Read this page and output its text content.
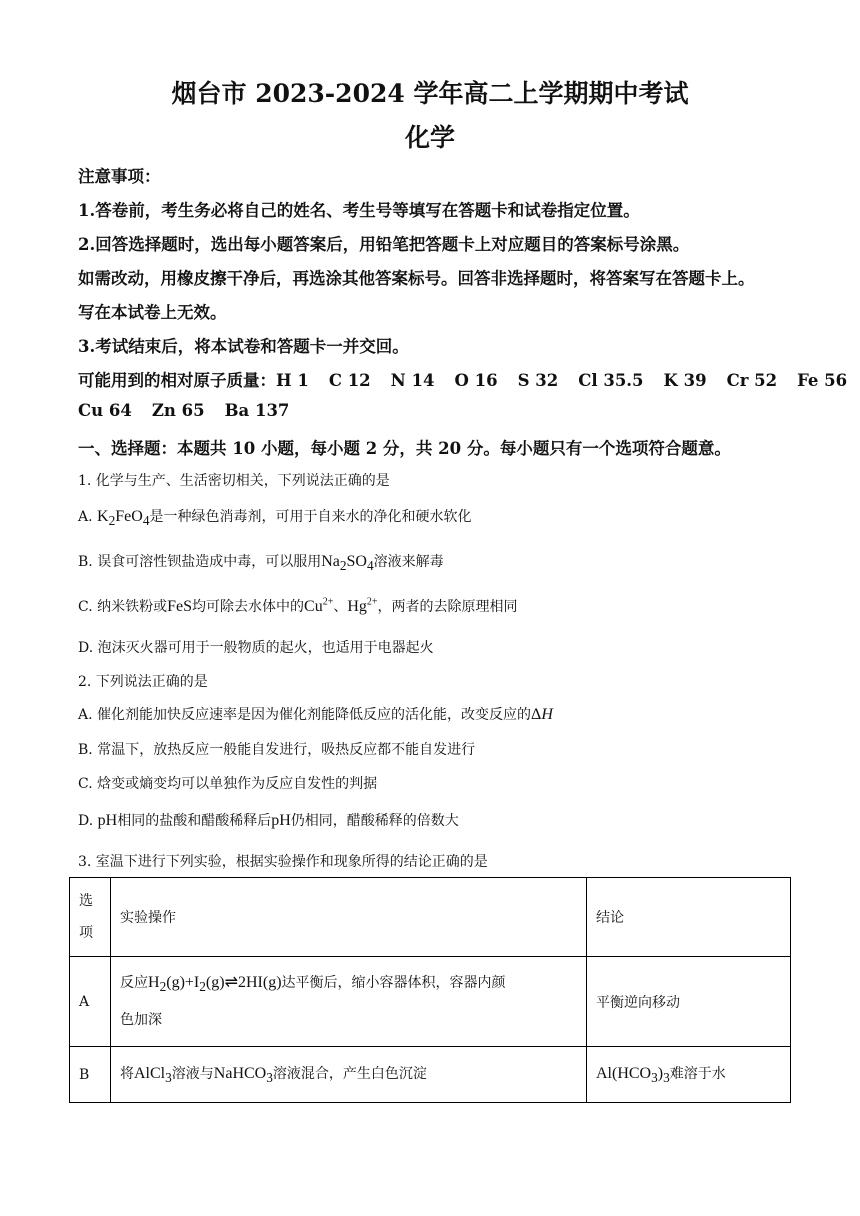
烟台市 2023-2024 学年高二上学期期中考试
化学
注意事项：
1.答卷前，考生务必将自己的姓名、考生号等填写在答题卡和试卷指定位置。
2.回答选择题时，选出每小题答案后，用铅笔把答题卡上对应题目的答案标号涂黑。
如需改动，用橡皮擦干净后，再选涂其他答案标号。回答非选择题时，将答案写在答题卡上。
写在本试卷上无效。
3.考试结束后，将本试卷和答题卡一并交回。
可能用到的相对原子质量：H 1 C 12 N 14 O 16 S 32 Cl 35.5 K 39 Cr 52 Fe 56
Cu 64 Zn 65 Ba 137
一、选择题：本题共 10 小题，每小题 2 分，共 20 分。每小题只有一个选项符合题意。
1. 化学与生产、生活密切相关，下列说法正确的是
A. $K_2FeO_4$是一种绿色消毒剂，可用于自来水的净化和硬水软化
B. 误食可溶性钡盐造成中毒，可以服用$Na_2SO_4$溶液来解毒
C. 纳米铁粉或FeS均可除去水体中的$Cu^{2+}$、$Hg^{2+}$，两者的去除原理相同
D. 泡沫灭火器可用于一般物质的起火，也适用于电器起火
2. 下列说法正确的是
A. 催化剂能加快反应速率是因为催化剂能降低反应的活化能，改变反应的ΔH
B. 常温下，放热反应一般能自发进行，吸热反应都不能自发进行
C. 焓变或熵变均可以单独作为反应自发性的判据
D. pH相同的盐酸和醋酸稀释后pH仍相同，醋酸稀释的倍数大
3. 室温下进行下列实验，根据实验操作和现象所得的结论正确的是
选
项	实验操作	结论
A	反应$H_2(g)+I_2(g)\rightleftharpoons 2HI(g)$达平衡后，缩小容器体积，容器内颜
色加深	平衡逆向移动
B	将AlCl$_3$溶液与NaHCO$_3$溶液混合，产生白色沉淀	$Al(HCO_3)_3$难溶于水
